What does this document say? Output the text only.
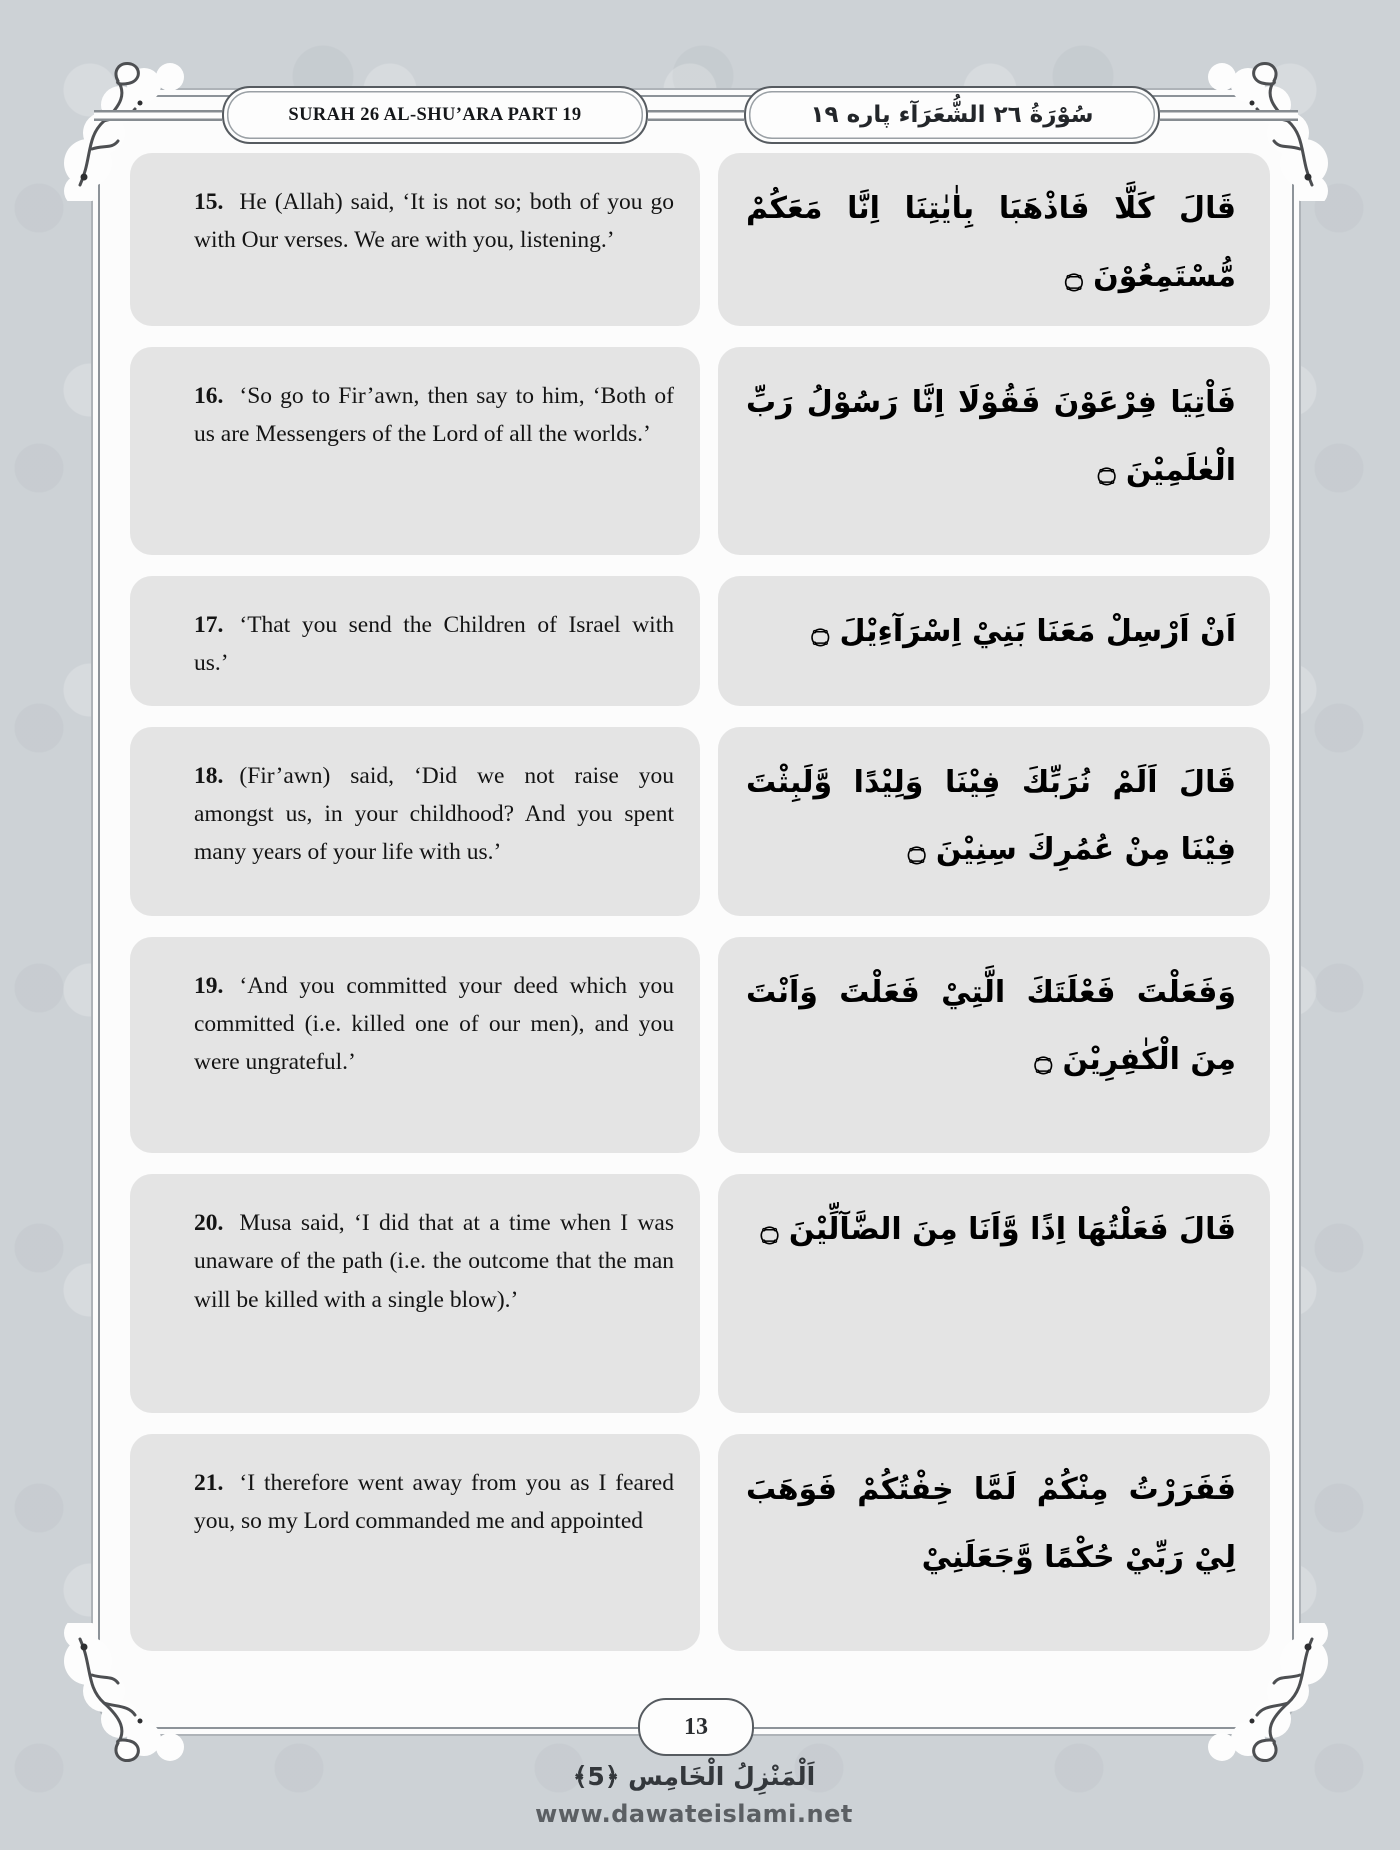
SURAH 26 AL-SHU’ARA PART 19	سُوْرَةُ ٢٦ الشُّعَرَآء پاره ١٩
15. He (Allah) said, ‘It is not so; both of you go with Our verses. We are with you, listening.’
قَالَ كَلَّا فَاذْهَبَا بِاٰيٰتِنَا اِنَّا مَعَكُمْ مُّسْتَمِعُوْنَ ۝
16. ‘So go to Fir’awn, then say to him, ‘Both of us are Messengers of the Lord of all the worlds.’
فَاْتِيَا فِرْعَوْنَ فَقُوْلَا اِنَّا رَسُوْلُ رَبِّ الْعٰلَمِيْنَ ۝
17. ‘That you send the Children of Israel with us.’
اَنْ اَرْسِلْ مَعَنَا بَنِيْ اِسْرَآءِيْلَ ۝
18. (Fir’awn) said, ‘Did we not raise you amongst us, in your childhood? And you spent many years of your life with us.’
قَالَ اَلَمْ نُرَبِّكَ فِيْنَا وَلِيْدًا وَّلَبِثْتَ فِيْنَا مِنْ عُمُرِكَ سِنِيْنَ ۝
19. ‘And you committed your deed which you committed (i.e. killed one of our men), and you were ungrateful.’
وَفَعَلْتَ فَعْلَتَكَ الَّتِيْ فَعَلْتَ وَاَنْتَ مِنَ الْكٰفِرِيْنَ ۝
20. Musa said, ‘I did that at a time when I was unaware of the path (i.e. the outcome that the man will be killed with a single blow).’
قَالَ فَعَلْتُهَا اِذًا وَّاَنَا مِنَ الضَّآلِّيْنَ ۝
21. ‘I therefore went away from you as I feared you, so my Lord commanded me and appointed
فَفَرَرْتُ مِنْكُمْ لَمَّا خِفْتُكُمْ فَوَهَبَ لِيْ رَبِّيْ حُكْمًا وَّجَعَلَنِيْ
13
اَلْمَنْزِلُ الْخَامِس ﴿5﴾
www.dawateislami.net
